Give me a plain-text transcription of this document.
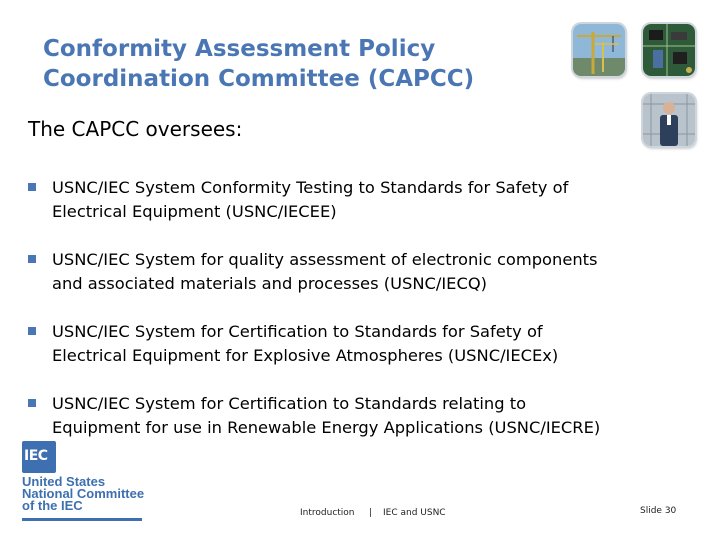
Conformity Assessment Policy
Coordination Committee (CAPCC)
The CAPCC oversees:
USNC/IEC System Conformity Testing to Standards for Safety of
Electrical Equipment (USNC/IECEE)
USNC/IEC System for quality assessment of electronic components
and associated materials and processes (USNC/IECQ)
USNC/IEC System for Certification to Standards for Safety of
Electrical Equipment for Explosive Atmospheres (USNC/IECEx)
USNC/IEC System for Certification to Standards relating to
Equipment for use in Renewable Energy Applications (USNC/IECRE)
IEC
United States
National Committee
of the IEC	Introduction | IEC and USNC	Slide 30
